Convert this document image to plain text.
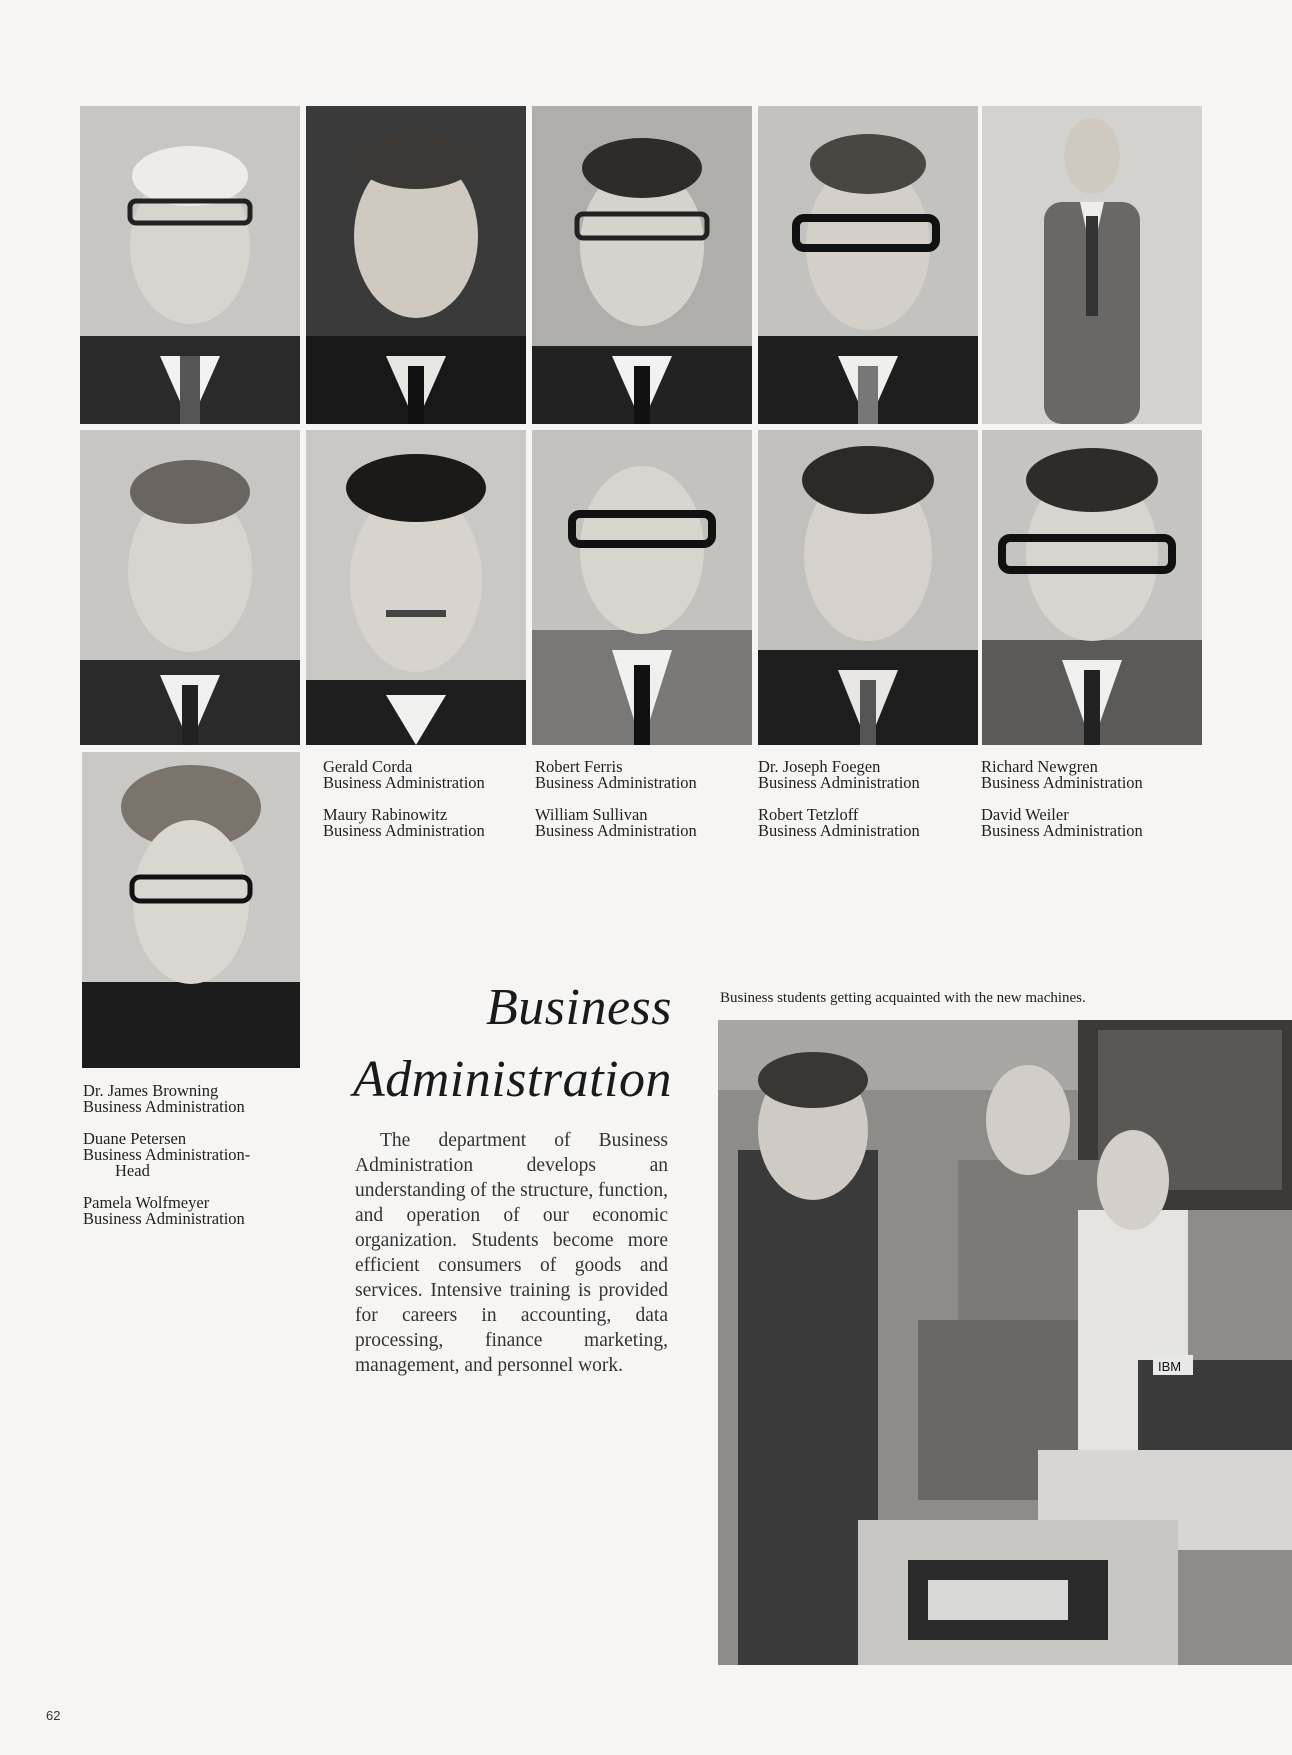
Gerald Corda
Business Administration
Maury Rabinowitz
Business Administration
Robert Ferris
Business Administration
William Sullivan
Business Administration
Dr. Joseph Foegen
Business Administration
Robert Tetzloff
Business Administration
Richard Newgren
Business Administration
David Weiler
Business Administration
Dr. James Browning
Business Administration
Duane Petersen
Business Administration-
Head
Pamela Wolfmeyer
Business Administration
Business
Administration
The department of Business Administration develops an understanding of the structure, function, and operation of our economic organization. Students become more efficient consumers of goods and services. Intensive training is provided for careers in accounting, data processing, finance marketing, management, and personnel work.
Business students getting acquainted with the new machines.
IBM
62
